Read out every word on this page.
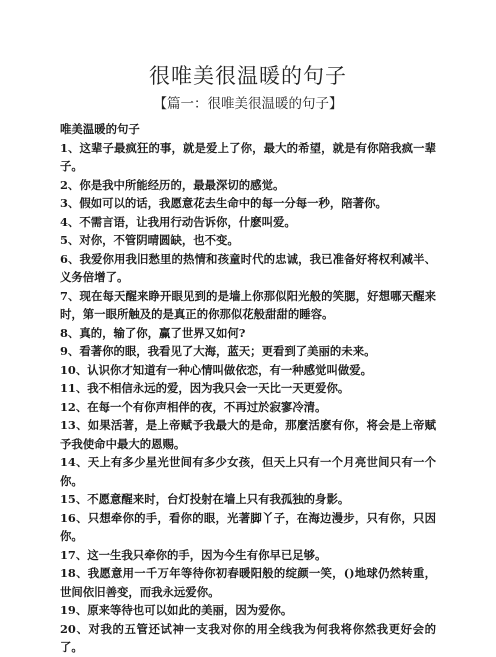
很唯美很温暖的句子
【篇一：很唯美很温暖的句子】

唯美温暖的句子

1、这辈子最疯狂的事，就是爱上了你，最大的希望，就是有你陪我疯一辈子。

2、你是我中所能经历的，最最深切的感觉。

3、假如可以的话，我愿意花去生命中的每一分每一秒，陪著你。

4、不需言语，让我用行动告诉你，什麽叫爱。

5、对你，不管阴晴圆缺，也不变。

6、我爱你用我旧愁里的热情和孩童时代的忠诚，我已准备好将权利减半、义务倍增了。

7、现在每天醒来睁开眼见到的是墙上你那似阳光般的笑腮，好想哪天醒来时，第一眼所触及的是真正的你那似花般甜甜的睡容。

8、真的，输了你，赢了世界又如何?

9、看著你的眼，我看见了大海，蓝天；更看到了美丽的未来。

10、认识你才知道有一种心情叫做依恋，有一种感觉叫做爱。

11、我不相信永远的爱，因为我只会一天比一天更爱你。

12、在每一个有你声相伴的夜，不再过於寂寥冷清。

13、如果活著，是上帝赋予我最大的是命，那麼活麽有你，将会是上帝赋予我使命中最大的恩赐。

14、天上有多少星光世间有多少女孩，但天上只有一个月亮世间只有一个你。

15、不愿意醒来时，台灯投射在墙上只有我孤独的身影。

16、只想牵你的手，看你的眼，光著脚丫子，在海边漫步，只有你，只因你。

17、这一生我只牵你的手，因为今生有你早已足够。

18、我愿意用一千万年等待你初春暖阳般的绽颜一笑，()地球仍然转重，世间依旧善变，而我永远爱你。

19、原来等待也可以如此的美丽，因为爱你。

20、对我的五管还试神一支我对你的用全线我为何我将你然我更好会的了。
